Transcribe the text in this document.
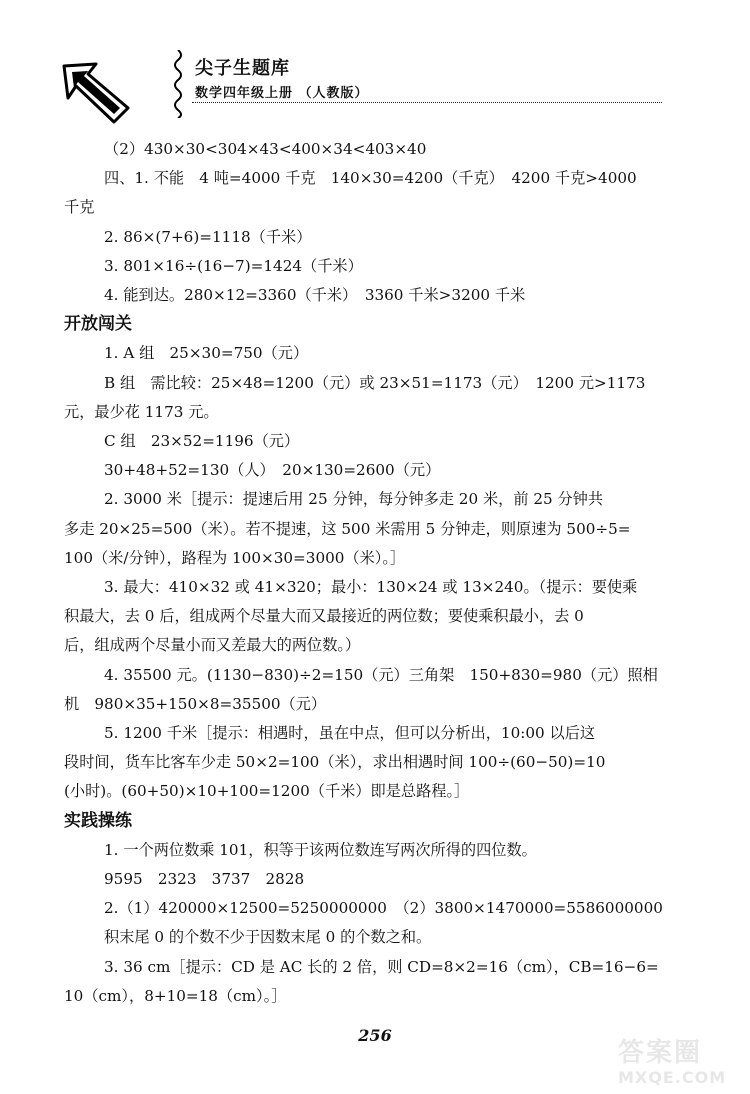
尖子生题库
数学四年级上册 （人教版）
（2）430×30<304×43<400×34<403×40
四、1. 不能　4 吨=4000 千克　140×30=4200（千克）　4200 千克>4000
千克
2. 86×(7+6)=1118（千米）
3. 801×16÷(16−7)=1424（千米）
4. 能到达。280×12=3360（千米）　3360 千米>3200 千米
开放闯关
1. A 组　25×30=750（元）
B 组　需比较：25×48=1200（元）或 23×51=1173（元）　1200 元>1173
元，最少花 1173 元。
C 组　23×52=1196（元）
30+48+52=130（人）　20×130=2600（元）
2. 3000 米［提示：提速后用 25 分钟，每分钟多走 20 米，前 25 分钟共
多走 20×25=500（米）。若不提速，这 500 米需用 5 分钟走，则原速为 500÷5=
100（米/分钟），路程为 100×30=3000（米）。］
3. 最大：410×32 或 41×320；最小：130×24 或 13×240。（提示：要使乘
积最大，去 0 后，组成两个尽量大而又最接近的两位数；要使乘积最小，去 0
后，组成两个尽量小而又差最大的两位数。）
4. 35500 元。(1130−830)÷2=150（元）三角架　150+830=980（元）照相
机　980×35+150×8=35500（元）
5. 1200 千米［提示：相遇时，虽在中点，但可以分析出，10:00 以后这
段时间，货车比客车少走 50×2=100（米），求出相遇时间 100÷(60−50)=10
(小时)。(60+50)×10+100=1200（千米）即是总路程。］
实践操练
1. 一个两位数乘 101，积等于该两位数连写两次所得的四位数。
9595　2323　3737　2828
2.（1）420000×12500=5250000000　（2）3800×1470000=5586000000
积末尾 0 的个数不少于因数末尾 0 的个数之和。
3. 36 cm［提示：CD 是 AC 长的 2 倍，则 CD=8×2=16（cm），CB=16−6=
10（cm），8+10=18（cm）。］
256
答案圈
MXQE.COM
